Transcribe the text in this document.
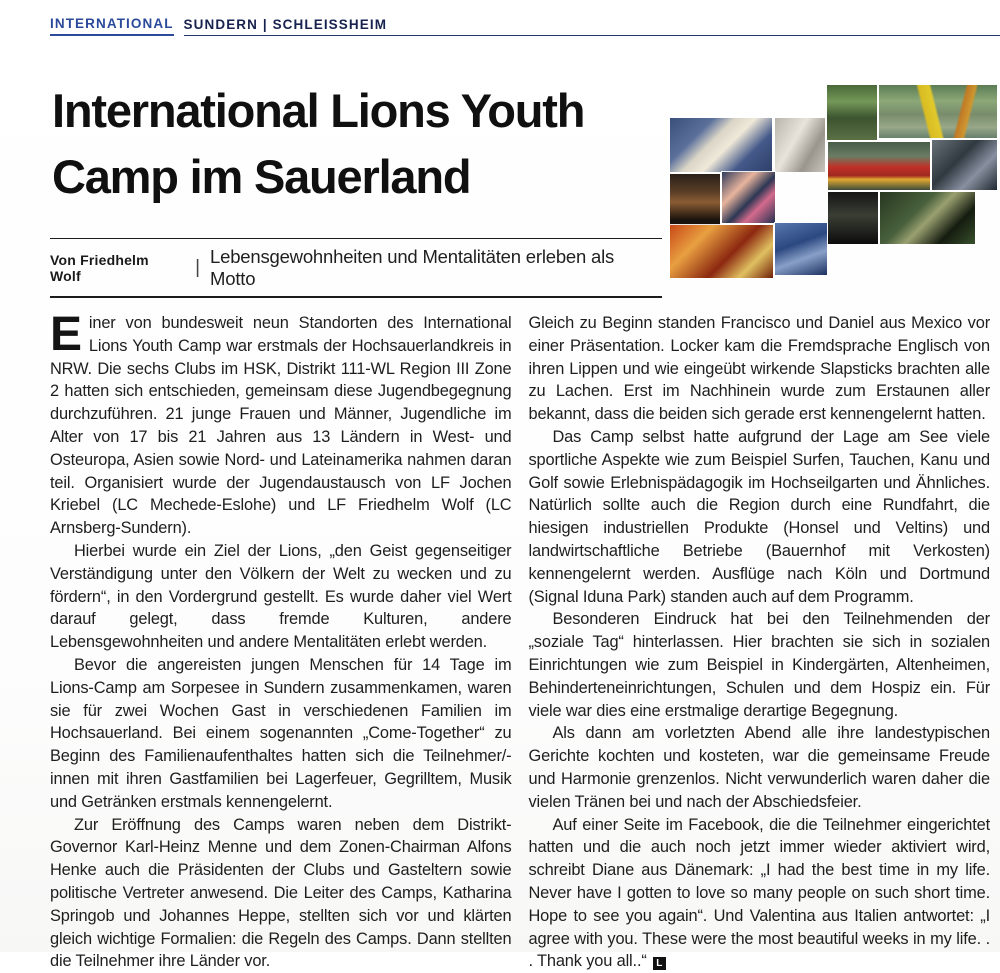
INTERNATIONAL SUNDERN | SCHLEISSHEIM
International Lions Youth
Camp im Sauerland
Von Friedhelm Wolf	|
Lebensgewohnheiten und Mentalitäten erleben als Motto

Einer von bundesweit neun Standorten des International Lions Youth Camp war erstmals der Hochsauerlandkreis in NRW. Die sechs Clubs im HSK, Distrikt 111-WL Region III Zone 2 hatten sich entschieden, gemeinsam diese Jugendbegegnung durchzuführen. 21 junge Frauen und Männer, Jugendliche im Alter von 17 bis 21 Jahren aus 13 Ländern in West- und Osteuropa, Asien sowie Nord- und Lateinamerika nahmen daran teil. Organisiert wurde der Jugendaustausch von LF Jochen Kriebel (LC Mechede-Eslohe) und LF Friedhelm Wolf (LC Arnsberg-Sundern).

Hierbei wurde ein Ziel der Lions, „den Geist gegenseitiger Verständigung unter den Völkern der Welt zu wecken und zu fördern“, in den Vordergrund gestellt. Es wurde daher viel Wert darauf gelegt, dass fremde Kulturen, andere Lebensgewohnheiten und andere Mentalitäten erlebt werden.

Bevor die angereisten jungen Menschen für 14 Tage im Lions-Camp am Sorpesee in Sundern zusammenkamen, waren sie für zwei Wochen Gast in verschiedenen Familien im Hochsauerland. Bei einem sogenannten „Come-Together“ zu Beginn des Familienaufenthaltes hatten sich die Teilnehmer/-innen mit ihren Gastfamilien bei Lagerfeuer, Gegrilltem, Musik und Getränken erstmals kennengelernt.

Zur Eröffnung des Camps waren neben dem Distrikt-Governor Karl-Heinz Menne und dem Zonen-Chairman Alfons Henke auch die Präsidenten der Clubs und Gasteltern sowie politische Vertreter anwesend. Die Leiter des Camps, Katharina Springob und Johannes Heppe, stellten sich vor und klärten gleich wichtige Formalien: die Regeln des Camps. Dann stellten die Teilnehmer ihre Länder vor.

Gleich zu Beginn standen Francisco und Daniel aus Mexico vor einer Präsentation. Locker kam die Fremdsprache Englisch von ihren Lippen und wie eingeübt wirkende Slapsticks brachten alle zu Lachen. Erst im Nachhinein wurde zum Erstaunen aller bekannt, dass die beiden sich gerade erst kennengelernt hatten.

Das Camp selbst hatte aufgrund der Lage am See viele sportliche Aspekte wie zum Beispiel Surfen, Tauchen, Kanu und Golf sowie Erlebnispädagogik im Hochseilgarten und Ähnliches. Natürlich sollte auch die Region durch eine Rundfahrt, die hiesigen industriellen Produkte (Honsel und Veltins) und landwirtschaftliche Betriebe (Bauernhof mit Verkosten) kennengelernt werden. Ausflüge nach Köln und Dortmund (Signal Iduna Park) standen auch auf dem Programm.

Besonderen Eindruck hat bei den Teilnehmenden der „soziale Tag“ hinterlassen. Hier brachten sie sich in sozialen Einrichtungen wie zum Beispiel in Kindergärten, Altenheimen, Behinderteneinrichtungen, Schulen und dem Hospiz ein. Für viele war dies eine erstmalige derartige Begegnung.

Als dann am vorletzten Abend alle ihre landestypischen Gerichte kochten und kosteten, war die gemeinsame Freude und Harmonie grenzenlos. Nicht verwunderlich waren daher die vielen Tränen bei und nach der Abschiedsfeier.

Auf einer Seite im Facebook, die die Teilnehmer eingerichtet hatten und die auch noch jetzt immer wieder aktiviert wird, schreibt Diane aus Dänemark: „I had the best time in my life. Never have I gotten to love so many people on such short time. Hope to see you again“. Und Valentina aus Italien antwortet: „I agree with you. These were the most beautiful weeks in my life. . . Thank you all..“ L
